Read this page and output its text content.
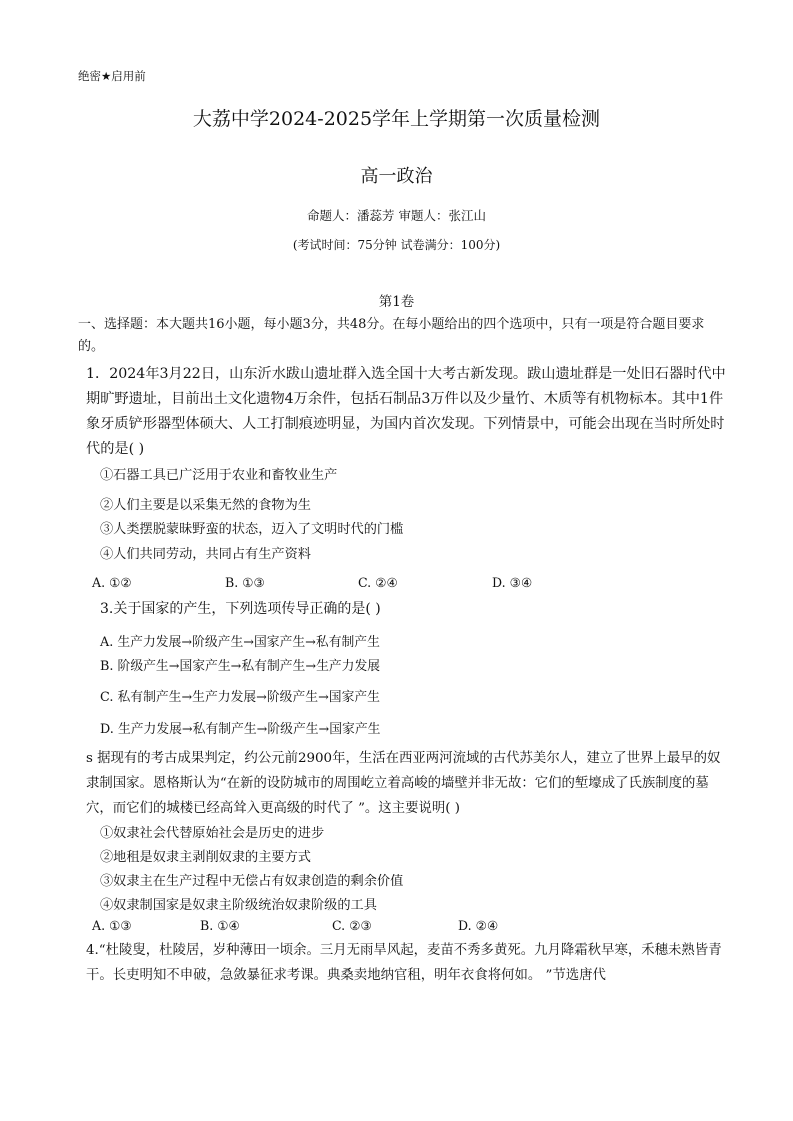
绝密★启用前
大荔中学2024-2025学年上学期第一次质量检测
高一政治
命题人：潘蕊芳 审题人：张江山
(考试时间：75分钟 试卷满分：100分)
第1卷
一、选择题：本大题共16小题，每小题3分，共48分。在每小题给出的四个选项中，只有一项是符合题目要求的。
1．2024年3月22日，山东沂水跋山遗址群入选全国十大考古新发现。跋山遗址群是一处旧石器时代中期旷野遗址，目前出土文化遗物4万余件，包括石制品3万件以及少量竹、木质等有机物标本。其中1件象牙质铲形器型体硕大、人工打制痕迹明显，为国内首次发现。下列情景中，可能会出现在当时所处时代的是( )
①石器工具已广泛用于农业和畜牧业生产
②人们主要是以采集无然的食物为生
③人类摆脱蒙昧野蛮的状态，迈入了文明时代的门槛
④人们共同劳动，共同占有生产资料
A. ①②	B. ①③	C. ②④	D. ③④
3.关于国家的产生，下列选项传导正确的是( )
A. 生产力发展→阶级产生→国家产生→私有制产生
B. 阶级产生→国家产生→私有制产生→生产力发展
C. 私有制产生→生产力发展→阶级产生→国家产生
D. 生产力发展→私有制产生→阶级产生→国家产生
s 据现有的考古成果判定，约公元前2900年，生活在西亚两河流域的古代苏美尔人，建立了世界上最早的奴隶制国家。恩格斯认为“在新的设防城市的周围屹立着高峻的墙壁并非无故：它们的堑壕成了氏族制度的墓穴，而它们的城楼已经高耸入更高级的时代了 ”。这主要说明( )
①奴隶社会代替原始社会是历史的进步
②地租是奴隶主剥削奴隶的主要方式
③奴隶主在生产过程中无偿占有奴隶创造的剩余价值
④奴隶制国家是奴隶主阶级统治奴隶阶级的工具
A. ①③	B. ①④	C. ②③	D. ②④
4.“杜陵叟，杜陵居，岁种薄田一顷余。三月无雨旱风起，麦苗不秀多黄死。九月降霜秋早寒，禾穗未熟皆青干。长吏明知不申破，急敛暴征求考课。典桑卖地纳官租，明年衣食将何如。 ”节选唐代
